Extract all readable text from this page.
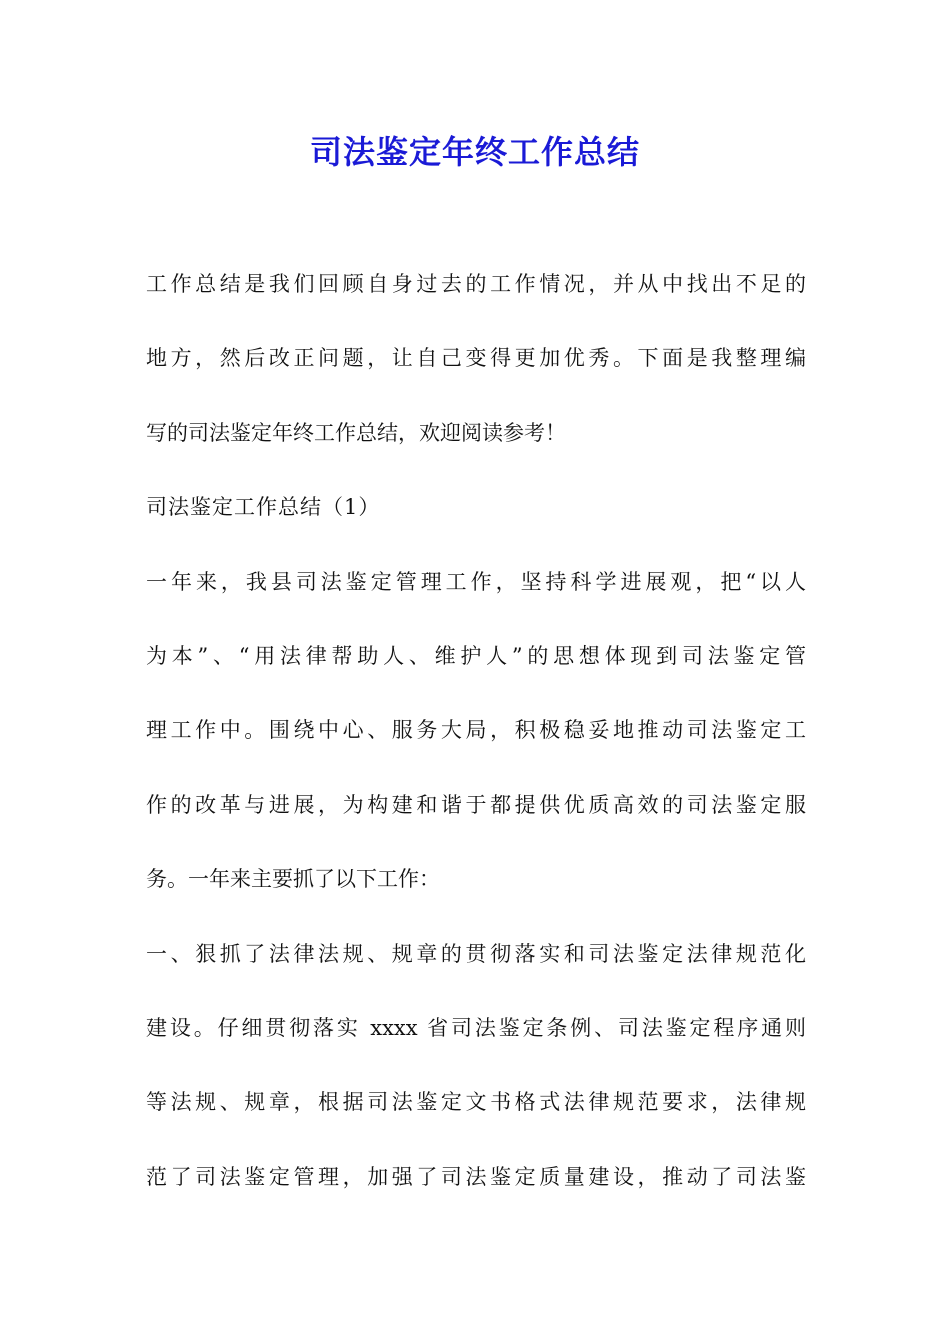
司法鉴定年终工作总结
工作总结是我们回顾自身过去的工作情况，并从中找出不足的
地方，然后改正问题，让自己变得更加优秀。下面是我整理编
写的司法鉴定年终工作总结，欢迎阅读参考！
司法鉴定工作总结（1）
一年来，我县司法鉴定管理工作，坚持科学进展观，把“以人
为本”、“用法律帮助人、维护人”的思想体现到司法鉴定管
理工作中。围绕中心、服务大局，积极稳妥地推动司法鉴定工
作的改革与进展，为构建和谐于都提供优质高效的司法鉴定服
务。一年来主要抓了以下工作：
一、狠抓了法律法规、规章的贯彻落实和司法鉴定法律规范化
建设。仔细贯彻落实 xxxx 省司法鉴定条例、司法鉴定程序通则
等法规、规章，根据司法鉴定文书格式法律规范要求，法律规
范了司法鉴定管理，加强了司法鉴定质量建设，推动了司法鉴
